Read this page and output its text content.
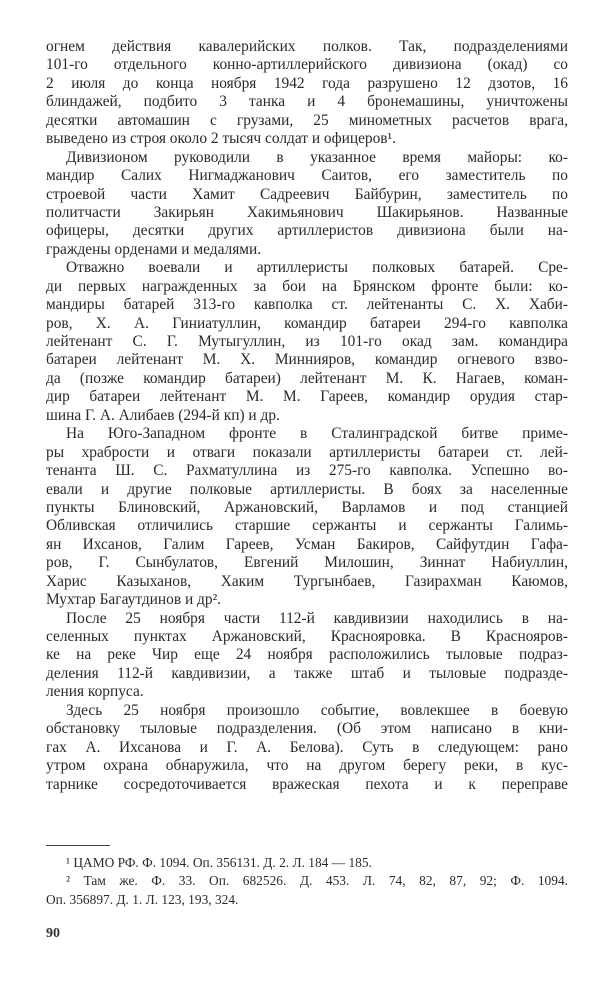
огнем действия кавалерийских полков. Так, подразделениями
101-го отдельного конно-артиллерийского дивизиона (окад) со
2 июля до конца ноября 1942 года разрушено 12 дзотов, 16
блиндажей, подбито 3 танка и 4 бронемашины, уничтожены
десятки автомашин с грузами, 25 минометных расчетов врага,
выведено из строя около 2 тысяч солдат и офицеров¹.
Дивизионом руководили в указанное время майоры: ко-
мандир Салих Нигмаджанович Саитов, его заместитель по
строевой части Хамит Садреевич Байбурин, заместитель по
политчасти Закирьян Хакимьянович Шакирьянов. Названные
офицеры, десятки других артиллеристов дивизиона были на-
граждены орденами и медалями.
Отважно воевали и артиллеристы полковых батарей. Сре-
ди первых награжденных за бои на Брянском фронте были: ко-
мандиры батарей 313-го кавполка ст. лейтенанты С. Х. Хаби-
ров, Х. А. Гиниатуллин, командир батареи 294-го кавполка
лейтенант С. Г. Мутыгуллин, из 101-го окад зам. командира
батареи лейтенант М. Х. Миннияров, командир огневого взво-
да (позже командир батареи) лейтенант М. К. Нагаев, коман-
дир батареи лейтенант М. М. Гареев, командир орудия стар-
шина Г. А. Алибаев (294-й кп) и др.
На Юго-Западном фронте в Сталинградской битве приме-
ры храбрости и отваги показали артиллеристы батареи ст. лей-
тенанта Ш. С. Рахматуллина из 275-го кавполка. Успешно во-
евали и другие полковые артиллеристы. В боях за населенные
пункты Блиновский, Аржановский, Варламов и под станцией
Обливская отличились старшие сержанты и сержанты Галимь-
ян Ихсанов, Галим Гареев, Усман Бакиров, Сайфутдин Гафа-
ров, Г. Сынбулатов, Евгений Милошин, Зиннат Набиуллин,
Харис Казыханов, Хаким Тургынбаев, Газирахман Каюмов,
Мухтар Багаутдинов и др².
После 25 ноября части 112-й кавдивизии находились в на-
селенных пунктах Аржановский, Краснояровка. В Краснояров-
ке на реке Чир еще 24 ноября расположились тыловые подраз-
деления 112-й кавдивизии, а также штаб и тыловые подразде-
ления корпуса.
Здесь 25 ноября произошло событие, вовлекшее в боевую
обстановку тыловые подразделения. (Об этом написано в кни-
гах А. Ихсанова и Г. А. Белова). Суть в следующем: рано
утром охрана обнаружила, что на другом берегу реки, в кус-
тарнике сосредоточивается вражеская пехота и к переправе
¹ ЦАМО РФ. Ф. 1094. Оп. 356131. Д. 2. Л. 184 — 185.
² Там же. Ф. 33. Оп. 682526. Д. 453. Л. 74, 82, 87, 92; Ф. 1094.
Оп. 356897. Д. 1. Л. 123, 193, 324.
90
